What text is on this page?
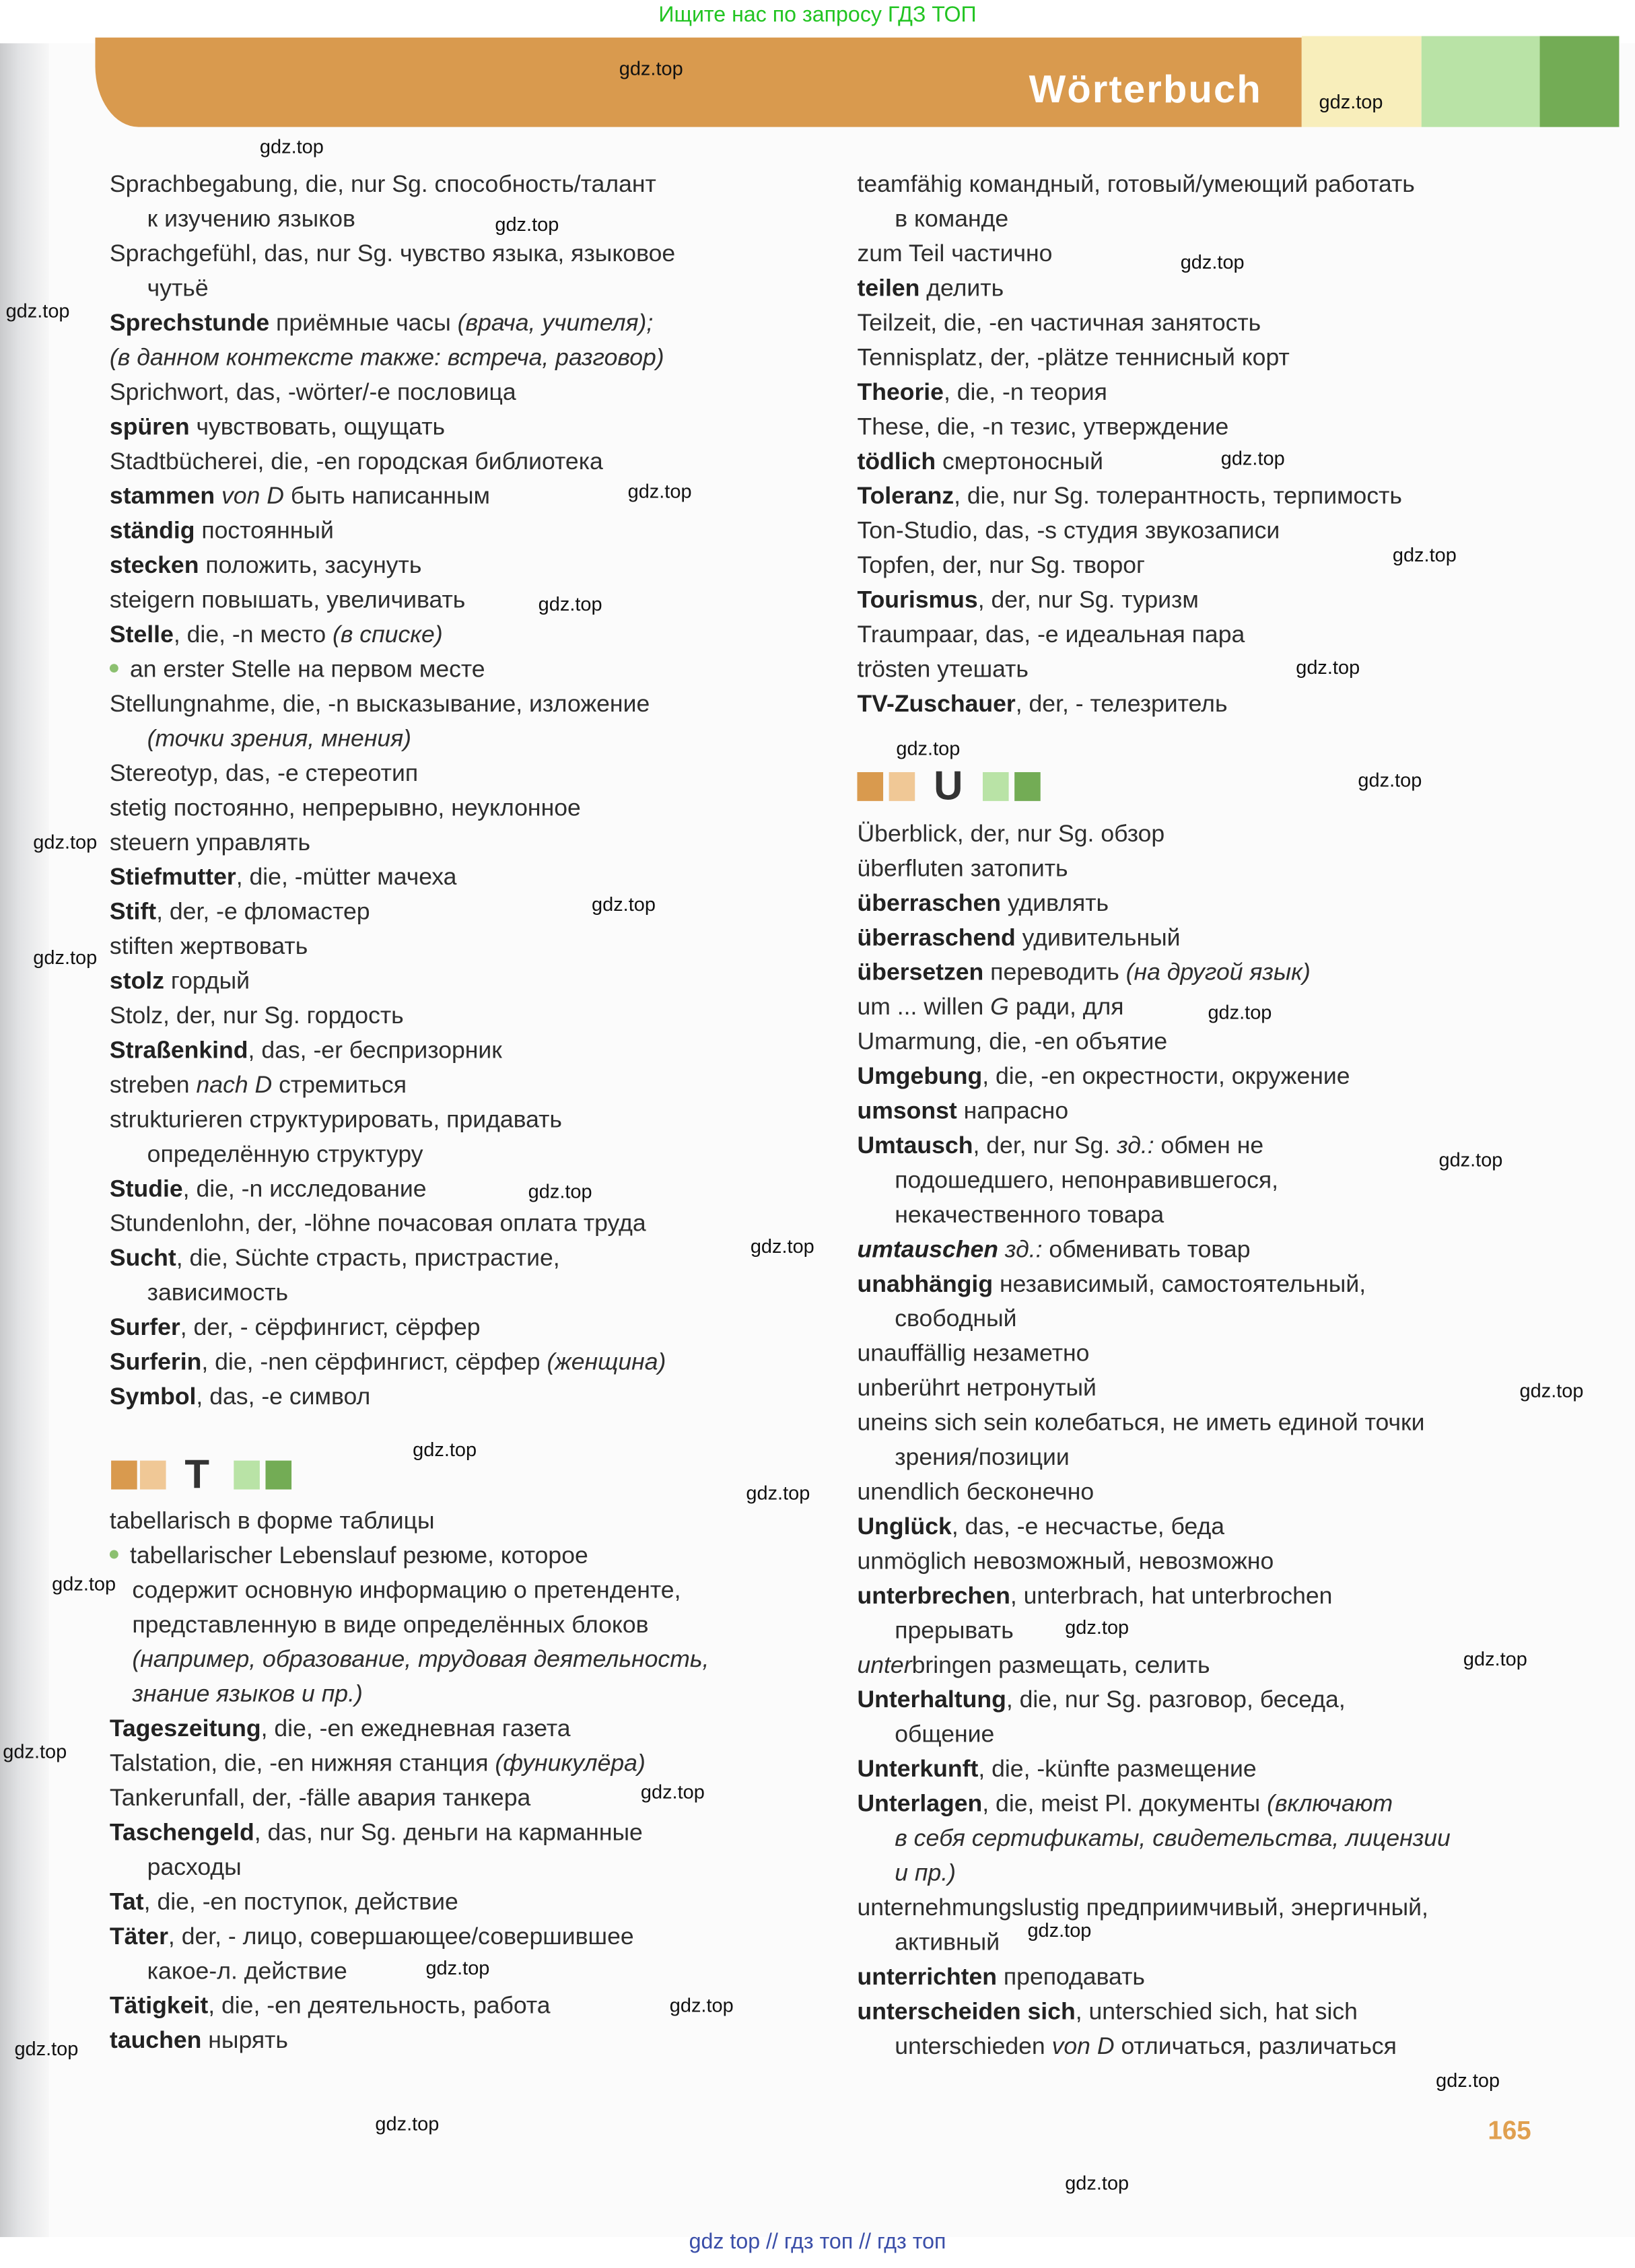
Ищите нас по запросу ГДЗ ТОП
Wörterbuch
T
U
Sprachbegabung, die, nur Sg. способность/талант
к изучению языков
Sprachgefühl, das, nur Sg. чувство языка, языковое
чутьё
Sprechstunde приёмные часы (врача, учителя);
(в данном контексте также: встреча, разговор)
Sprichwort, das, -wörter/-e пословица
spüren чувствовать, ощущать
Stadtbücherei, die, -en городская библиотека
stammen von D быть написанным
ständig постоянный
stecken положить, засунуть
steigern повышать, увеличивать
Stelle, die, -n место (в списке)
an erster Stelle на первом месте
Stellungnahme, die, -n высказывание, изложение
(точки зрения, мнения)
Stereotyp, das, -e стереотип
stetig постоянно, непрерывно, неуклонное
steuern управлять
Stiefmutter, die, -mütter мачеха
Stift, der, -e фломастер
stiften жертвовать
stolz гордый
Stolz, der, nur Sg. гордость
Straßenkind, das, -er беспризорник
streben nach D стремиться
strukturieren структурировать, придавать
определённую структуру
Studie, die, -n исследование
Stundenlohn, der, -löhne почасовая оплата труда
Sucht, die, Süchte страсть, пристрастие,
зависимость
Surfer, der, - сёрфингист, сёрфер
Surferin, die, -nen сёрфингист, сёрфер (женщина)
Symbol, das, -e символ
tabellarisch в форме таблицы
tabellarischer Lebenslauf резюме, которое
содержит основную информацию о претенденте,
представленную в виде определённых блоков
(например, образование, трудовая деятельность,
знание языков и пр.)
Tageszeitung, die, -en ежедневная газета
Talstation, die, -en нижняя станция (фуникулёра)
Tankerunfall, der, -fälle авария танкера
Taschengeld, das, nur Sg. деньги на карманные
расходы
Tat, die, -en поступок, действие
Täter, der, - лицо, совершающее/совершившее
какое-л. действие
Tätigkeit, die, -en деятельность, работа
tauchen нырять
teamfähig командный, готовый/умеющий работать
в команде
zum Teil частично
teilen делить
Teilzeit, die, -en частичная занятость
Tennisplatz, der, -plätze теннисный корт
Theorie, die, -n теория
These, die, -n тезис, утверждение
tödlich смертоносный
Toleranz, die, nur Sg. толерантность, терпимость
Ton-Studio, das, -s студия звукозаписи
Topfen, der, nur Sg. творог
Tourismus, der, nur Sg. туризм
Traumpaar, das, -e идеальная пара
trösten утешать
TV-Zuschauer, der, - телезритель
Überblick, der, nur Sg. обзор
überfluten затопить
überraschen удивлять
überraschend удивительный
übersetzen переводить (на другой язык)
um ... willen G ради, для
Umarmung, die, -en объятие
Umgebung, die, -en окрестности, окружение
umsonst напрасно
Umtausch, der, nur Sg. зд.: обмен не
подошедшего, непонравившегося,
некачественного товара
umtauschen зд.: обменивать товар
unabhängig независимый, самостоятельный,
свободный
unauffällig незаметно
unberührt нетронутый
uneins sich sein колебаться, не иметь единой точки
зрения/позиции
unendlich бесконечно
Unglück, das, -e несчастье, беда
unmöglich невозможный, невозможно
unterbrechen, unterbrach, hat unterbrochen
прерывать
unterbringen размещать, селить
Unterhaltung, die, nur Sg. разговор, беседа,
общение
Unterkunft, die, -künfte размещение
Unterlagen, die, meist Pl. документы (включают
в себя сертификаты, свидетельства, лицензии
и пр.)
unternehmungslustig предприимчивый, энергичный,
активный
unterrichten преподавать
unterscheiden sich, unterschied sich, hat sich
unterschieden von D отличаться, различаться
gdz.top
gdz.top
gdz.top
gdz.top
gdz.top
gdz.top
gdz.top
gdz.top
gdz.top
gdz.top
gdz.top
gdz.top
gdz.top
gdz.top
gdz.top
gdz.top
gdz.top
gdz.top
gdz.top
gdz.top
gdz.top
gdz.top
gdz.top
gdz.top
gdz.top
gdz.top
gdz.top
gdz.top
gdz.top
gdz.top
gdz.top
gdz.top
gdz.top
gdz.top
gdz.top
165
gdz top // гдз топ // гдз топ
